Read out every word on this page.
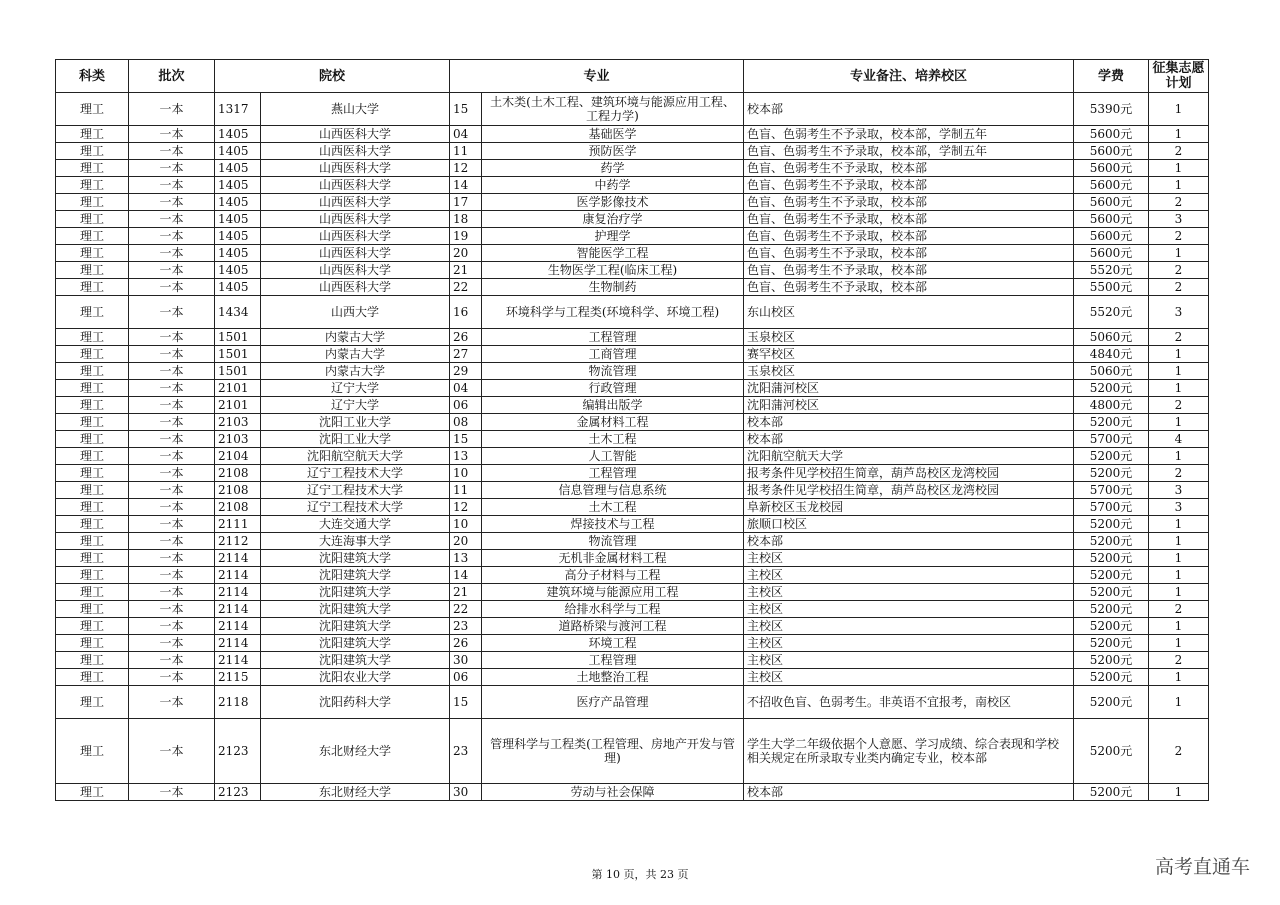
科类	批次	院校		专业		专业备注、培养校区	学费	征集志愿计划
理工	一本	1317	燕山大学	15	土木类(土木工程、建筑环境与能源应用工程、工程力学)	校本部	5390元	1
理工	一本	1405	山西医科大学	04	基础医学	色盲、色弱考生不予录取，校本部，学制五年	5600元	1
理工	一本	1405	山西医科大学	11	预防医学	色盲、色弱考生不予录取，校本部，学制五年	5600元	2
理工	一本	1405	山西医科大学	12	药学	色盲、色弱考生不予录取，校本部	5600元	1
理工	一本	1405	山西医科大学	14	中药学	色盲、色弱考生不予录取，校本部	5600元	1
理工	一本	1405	山西医科大学	17	医学影像技术	色盲、色弱考生不予录取，校本部	5600元	2
理工	一本	1405	山西医科大学	18	康复治疗学	色盲、色弱考生不予录取，校本部	5600元	3
理工	一本	1405	山西医科大学	19	护理学	色盲、色弱考生不予录取，校本部	5600元	2
理工	一本	1405	山西医科大学	20	智能医学工程	色盲、色弱考生不予录取，校本部	5600元	1
理工	一本	1405	山西医科大学	21	生物医学工程(临床工程)	色盲、色弱考生不予录取，校本部	5520元	2
理工	一本	1405	山西医科大学	22	生物制药	色盲、色弱考生不予录取，校本部	5500元	2
理工	一本	1434	山西大学	16	环境科学与工程类(环境科学、环境工程)	东山校区	5520元	3
理工	一本	1501	内蒙古大学	26	工程管理	玉泉校区	5060元	2
理工	一本	1501	内蒙古大学	27	工商管理	赛罕校区	4840元	1
理工	一本	1501	内蒙古大学	29	物流管理	玉泉校区	5060元	1
理工	一本	2101	辽宁大学	04	行政管理	沈阳蒲河校区	5200元	1
理工	一本	2101	辽宁大学	06	编辑出版学	沈阳蒲河校区	4800元	2
理工	一本	2103	沈阳工业大学	08	金属材料工程	校本部	5200元	1
理工	一本	2103	沈阳工业大学	15	土木工程	校本部	5700元	4
理工	一本	2104	沈阳航空航天大学	13	人工智能	沈阳航空航天大学	5200元	1
理工	一本	2108	辽宁工程技术大学	10	工程管理	报考条件见学校招生简章，葫芦岛校区龙湾校园	5200元	2
理工	一本	2108	辽宁工程技术大学	11	信息管理与信息系统	报考条件见学校招生简章，葫芦岛校区龙湾校园	5700元	3
理工	一本	2108	辽宁工程技术大学	12	土木工程	阜新校区玉龙校园	5700元	3
理工	一本	2111	大连交通大学	10	焊接技术与工程	旅顺口校区	5200元	1
理工	一本	2112	大连海事大学	20	物流管理	校本部	5200元	1
理工	一本	2114	沈阳建筑大学	13	无机非金属材料工程	主校区	5200元	1
理工	一本	2114	沈阳建筑大学	14	高分子材料与工程	主校区	5200元	1
理工	一本	2114	沈阳建筑大学	21	建筑环境与能源应用工程	主校区	5200元	1
理工	一本	2114	沈阳建筑大学	22	给排水科学与工程	主校区	5200元	2
理工	一本	2114	沈阳建筑大学	23	道路桥梁与渡河工程	主校区	5200元	1
理工	一本	2114	沈阳建筑大学	26	环境工程	主校区	5200元	1
理工	一本	2114	沈阳建筑大学	30	工程管理	主校区	5200元	2
理工	一本	2115	沈阳农业大学	06	土地整治工程	主校区	5200元	1
理工	一本	2118	沈阳药科大学	15	医疗产品管理	不招收色盲、色弱考生。非英语不宜报考，南校区	5200元	1
理工	一本	2123	东北财经大学	23	管理科学与工程类(工程管理、房地产开发与管理)	学生大学二年级依据个人意愿、学习成绩、综合表现和学校相关规定在所录取专业类内确定专业，校本部	5200元	2
理工	一本	2123	东北财经大学	30	劳动与社会保障	校本部	5200元	1
第 10 页，共 23 页	高考直通车
